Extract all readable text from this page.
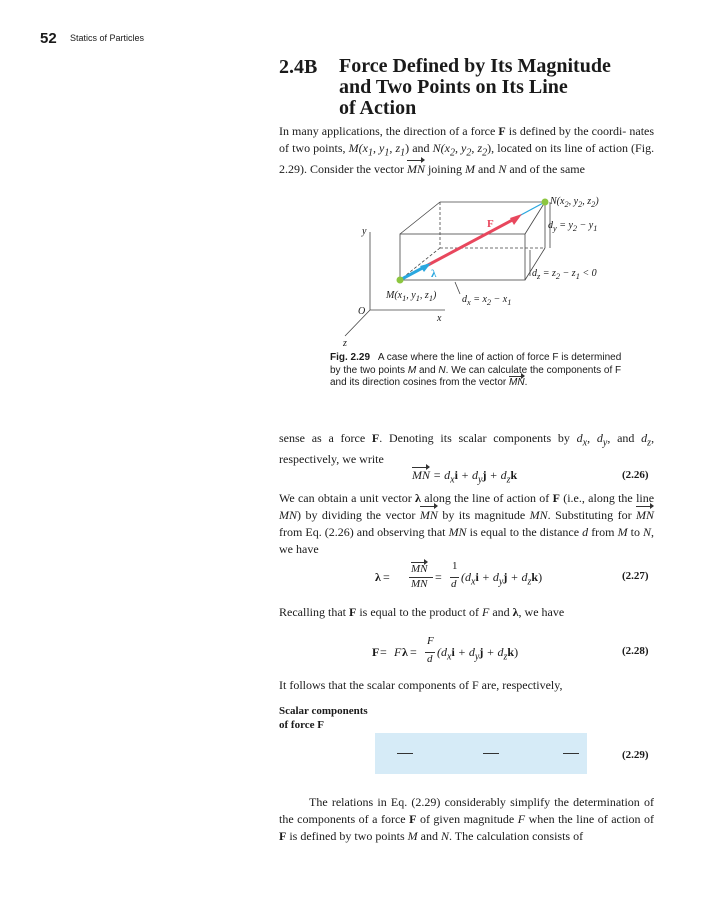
52 Statics of Particles
2.4B Force Defined by Its Magnitude
and Two Points on Its Line
of Action
In many applications, the direction of a force F is defined by the coordi- nates of two points, $M(x_1$, $y_1$, $z_1$) and $N(x_2$, $y_2$, $z_2$), located on its line of action (Fig. 2.29). Consider the vector MN joining M and N and of the same
$N(x_2$, $y_2$, $z_2$)
$d_y = y_2 - y_1$
$d_z = z_2 - z_1 < 0$
$M(x_1$, $y_1$, $z_1$)	$d_x = x_2 - x_1$
y
x
z
O
F
λ
Fig. 2.29 A case where the line of action of force F is determined by the two points M and N. We can calculate the components of F and its direction cosines from the vector MN.
sense as a force F. Denoting its scalar components by $d_x$, $d_y$, and $d_z$, respectively, we write
MN = $d_xi + d_yj + d_zk$	(2.26)
We can obtain a unit vector λ along the line of action of F (i.e., along the line MN) by dividing the vector MN by its magnitude MN. Substituting for MN from Eq. (2.26) and observing that MN is equal to the distance d from M to N, we have
λ =
MN
MN =
1
d $(d_xi + d_yj + d_zk)$	(2.27)
Recalling that F is equal to the product of F and λ, we have
F = F λ =
F
d $(d_xi + d_yj + d_zk)$	(2.28)
It follows that the scalar components of F are, respectively,
Scalar components
of force F
(2.29)
The relations in Eq. (2.29) considerably simplify the determination of the components of a force F of given magnitude F when the line of action of F is defined by two points M and N. The calculation consists of
